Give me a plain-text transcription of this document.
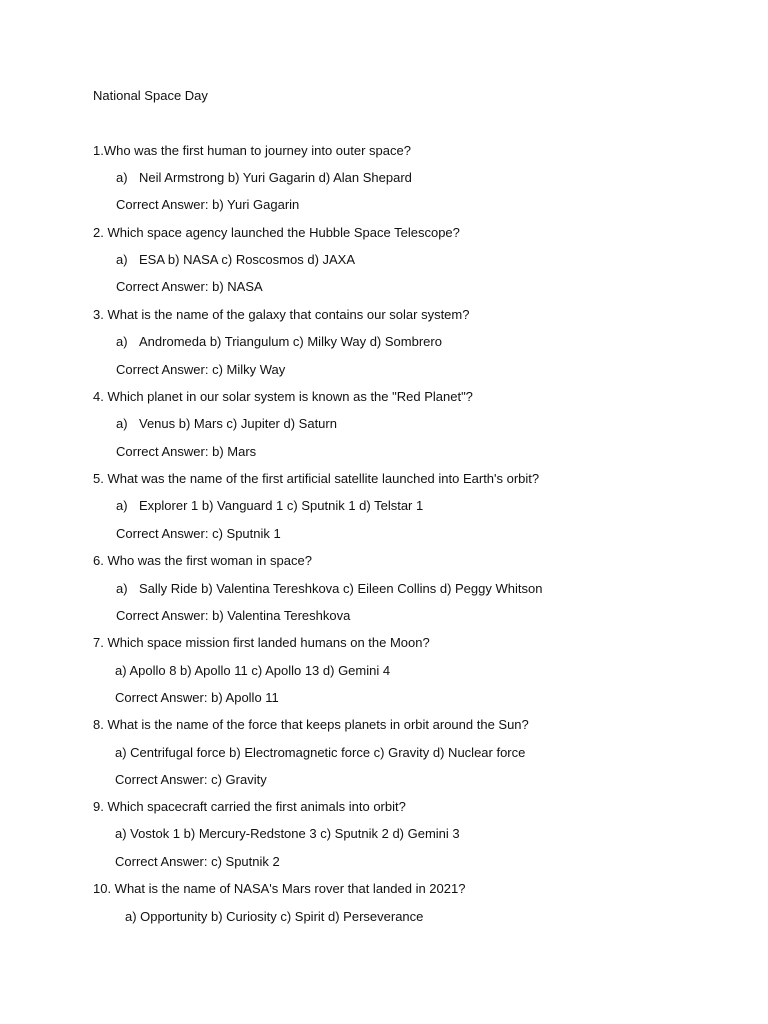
National Space Day
1.Who was the first human to journey into outer space?
a) Neil Armstrong b) Yuri Gagarin d) Alan Shepard
Correct Answer: b) Yuri Gagarin
2. Which space agency launched the Hubble Space Telescope?
a) ESA b) NASA c) Roscosmos d) JAXA
Correct Answer: b) NASA
3. What is the name of the galaxy that contains our solar system?
a) Andromeda b) Triangulum c) Milky Way d) Sombrero
Correct Answer: c) Milky Way
4. Which planet in our solar system is known as the "Red Planet"?
a) Venus b) Mars c) Jupiter d) Saturn
Correct Answer: b) Mars
5. What was the name of the first artificial satellite launched into Earth's orbit?
a) Explorer 1 b) Vanguard 1 c) Sputnik 1 d) Telstar 1
Correct Answer: c) Sputnik 1
6. Who was the first woman in space?
a) Sally Ride b) Valentina Tereshkova c) Eileen Collins d) Peggy Whitson
Correct Answer: b) Valentina Tereshkova
7. Which space mission first landed humans on the Moon?
a) Apollo 8 b) Apollo 11 c) Apollo 13 d) Gemini 4
Correct Answer: b) Apollo 11
8. What is the name of the force that keeps planets in orbit around the Sun?
a) Centrifugal force b) Electromagnetic force c) Gravity d) Nuclear force
Correct Answer: c) Gravity
9. Which spacecraft carried the first animals into orbit?
a) Vostok 1 b) Mercury-Redstone 3 c) Sputnik 2 d) Gemini 3
Correct Answer: c) Sputnik 2
10. What is the name of NASA's Mars rover that landed in 2021?
a) Opportunity b) Curiosity c) Spirit d) Perseverance
